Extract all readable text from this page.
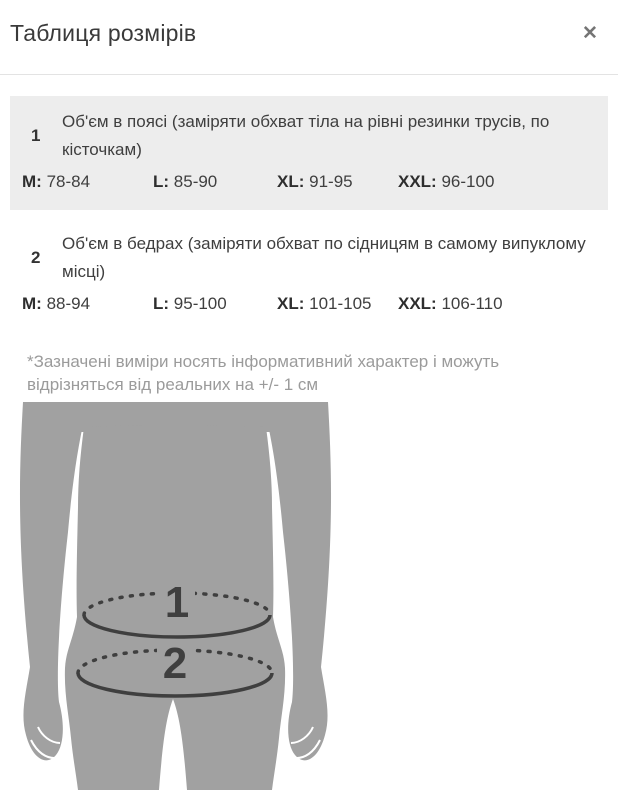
Таблиця розмірів	✕
1
Об'єм в поясі (заміряти обхват тіла на рівні резинки трусів, по кісточкам)
M: 78-84	L: 85-90	XL: 91-95	XXL: 96-100
2
Об'єм в бедрах (заміряти обхват по сідницям в самому випуклому місці)
M: 88-94	L: 95-100	XL: 101-105	XXL: 106-110
*Зазначені виміри носять інформативний характер і можуть відрізняться від реальних на +/- 1 см
1
2
